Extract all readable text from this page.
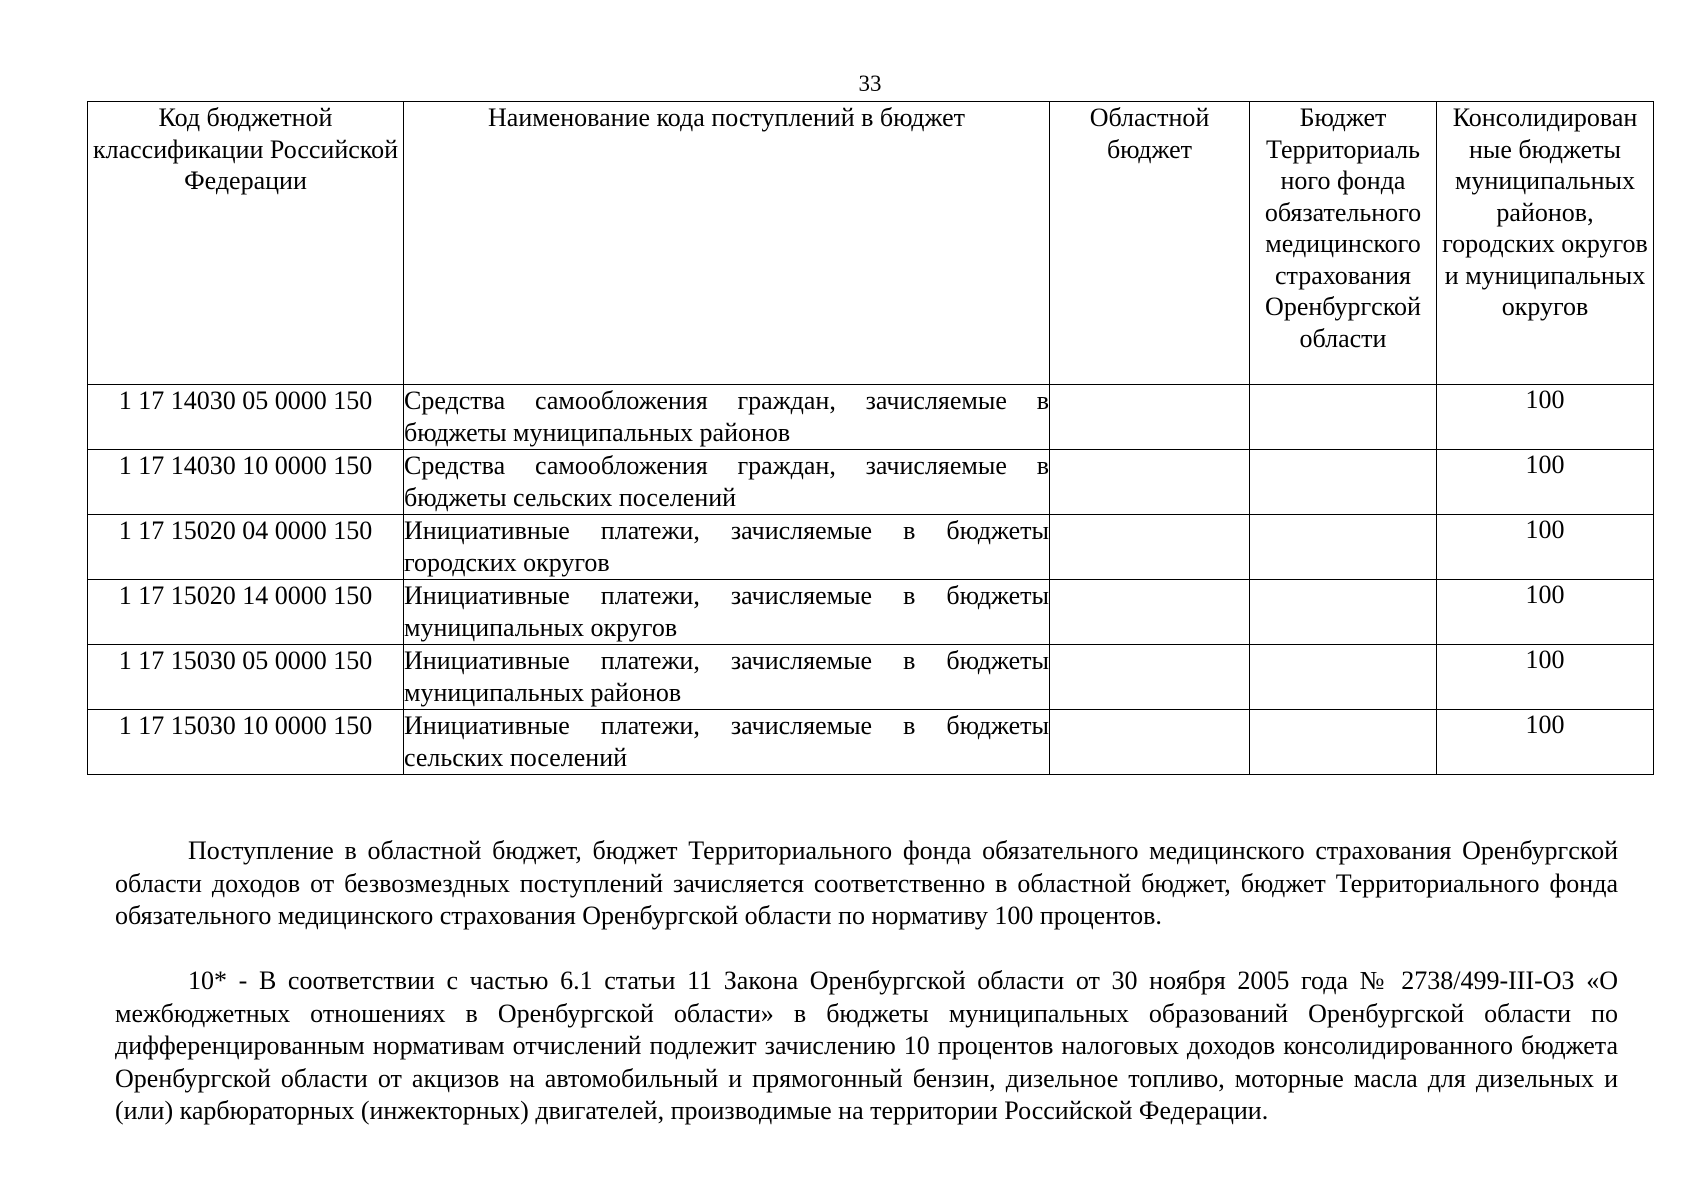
33
Код бюджетной классификации Российской Федерации	Наименование кода поступлений в бюджет	Областной бюджет	Бюджет Территориаль ного фонда обязательного медицинского страхования Оренбургской области	Консолидирован ные бюджеты муниципальных районов, городских округов и муниципальных округов
1 17 14030 05 0000 150	Средства самообложения граждан, зачисляемые в бюджеты муниципальных районов			100

1 17 14030 10 0000 150	Средства самообложения граждан, зачисляемые в бюджеты сельских поселений			100

1 17 15020 04 0000 150	Инициативные платежи, зачисляемые в бюджеты городских округов			100

1 17 15020 14 0000 150	Инициативные платежи, зачисляемые в бюджеты муниципальных округов			100

1 17 15030 05 0000 150	Инициативные платежи, зачисляемые в бюджеты муниципальных районов			100

1 17 15030 10 0000 150	Инициативные платежи, зачисляемые в бюджеты сельских поселений			100

Поступление в областной бюджет, бюджет Территориального фонда обязательного медицинского страхования Оренбургской области доходов от безвозмездных поступлений зачисляется соответственно в областной бюджет, бюджет Территориального фонда обязательного медицинского страхования Оренбургской области по нормативу 100 процентов.

10* - В соответствии с частью 6.1 статьи 11 Закона Оренбургской области от 30 ноября 2005 года № 2738/499-III-ОЗ «О межбюджетных отношениях в Оренбургской области» в бюджеты муниципальных образований Оренбургской области по дифференцированным нормативам отчислений подлежит зачислению 10 процентов налоговых доходов консолидированного бюджета Оренбургской области от акцизов на автомобильный и прямогонный бензин, дизельное топливо, моторные масла для дизельных и (или) карбюраторных (инжекторных) двигателей, производимые на территории Российской Федерации.
